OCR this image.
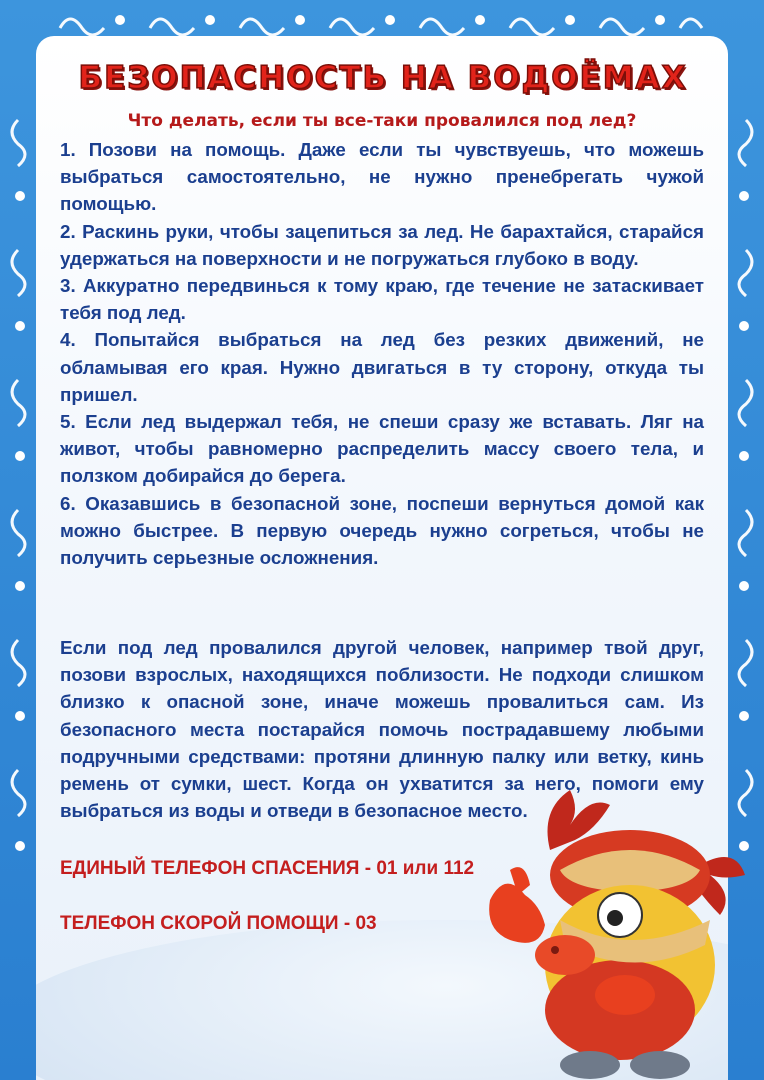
БЕЗОПАСНОСТЬ НА ВОДОЁМАХ
Что делать, если ты все-таки провалился под лед?

1. Позови на помощь. Даже если ты чувствуешь, что можешь выбраться самостоятельно, не нужно пренебрегать чужой помощью.

2. Раскинь руки, чтобы зацепиться за лед. Не барахтайся, старайся удержаться на поверхности и не погружаться глубоко в воду.

3. Аккуратно передвинься к тому краю, где течение не затаскивает тебя под лед.

4. Попытайся выбраться на лед без резких движений, не обламывая его края. Нужно двигаться в ту сторону, откуда ты пришел.

5. Если лед выдержал тебя, не спеши сразу же вставать. Ляг на живот, чтобы равномерно распределить массу своего тела, и ползком добирайся до берега.

6. Оказавшись в безопасной зоне, поспеши вернуться домой как можно быстрее. В первую очередь нужно согреться, чтобы не получить серьезные осложнения.

Если под лед провалился другой человек, например твой друг, позови взрослых, находящихся поблизости. Не подходи слишком близко к опасной зоне, иначе можешь провалиться сам. Из безопасного места постарайся помочь пострадавшему любыми подручными средствами: протяни длинную палку или ветку, кинь ремень от сумки, шест. Когда он ухватится за него, помоги ему выбраться из воды и отведи в безопасное место.
ЕДИНЫЙ ТЕЛЕФОН СПАСЕНИЯ - 01 или 112
ТЕЛЕФОН СКОРОЙ ПОМОЩИ - 03
